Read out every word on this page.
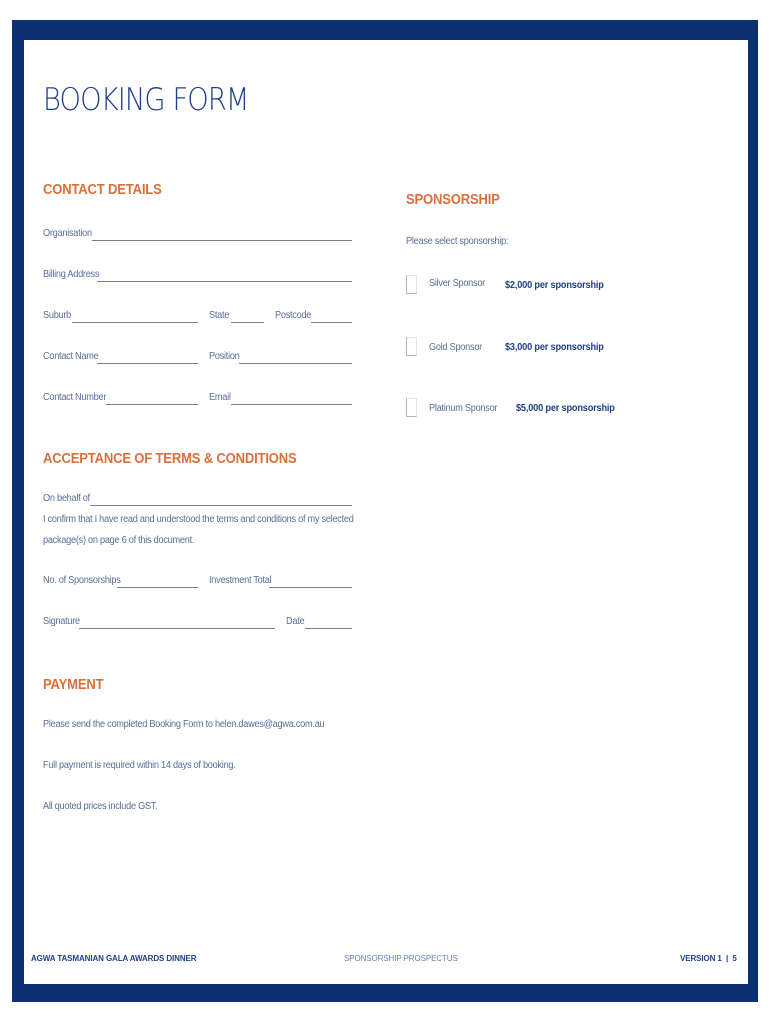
BOOKING FORM
CONTACT DETAILS
Organisation
Billing Address
Suburb	State	Postcode
Contact Name	Position
Contact Number	Email
SPONSORSHIP
Please select sponsorship:
Silver Sponsor $2,000 per sponsorship
Gold Sponsor $3,000 per sponsorship
Platinum Sponsor $5,000 per sponsorship
ACCEPTANCE OF TERMS & CONDITIONS
On behalf of
I confirm that I have read and understood the terms and conditions of my selected
package(s) on page 6 of this document.
No. of Sponsorships	Investment Total
Signature	Date
PAYMENT
Please send the completed Booking Form to helen.dawes@agwa.com.au
Full payment is required within 14 days of booking.
All quoted prices include GST.
AGWA TASMANIAN GALA AWARDS DINNER	SPONSORSHIP PROSPECTUS	VERSION 1  |  5
